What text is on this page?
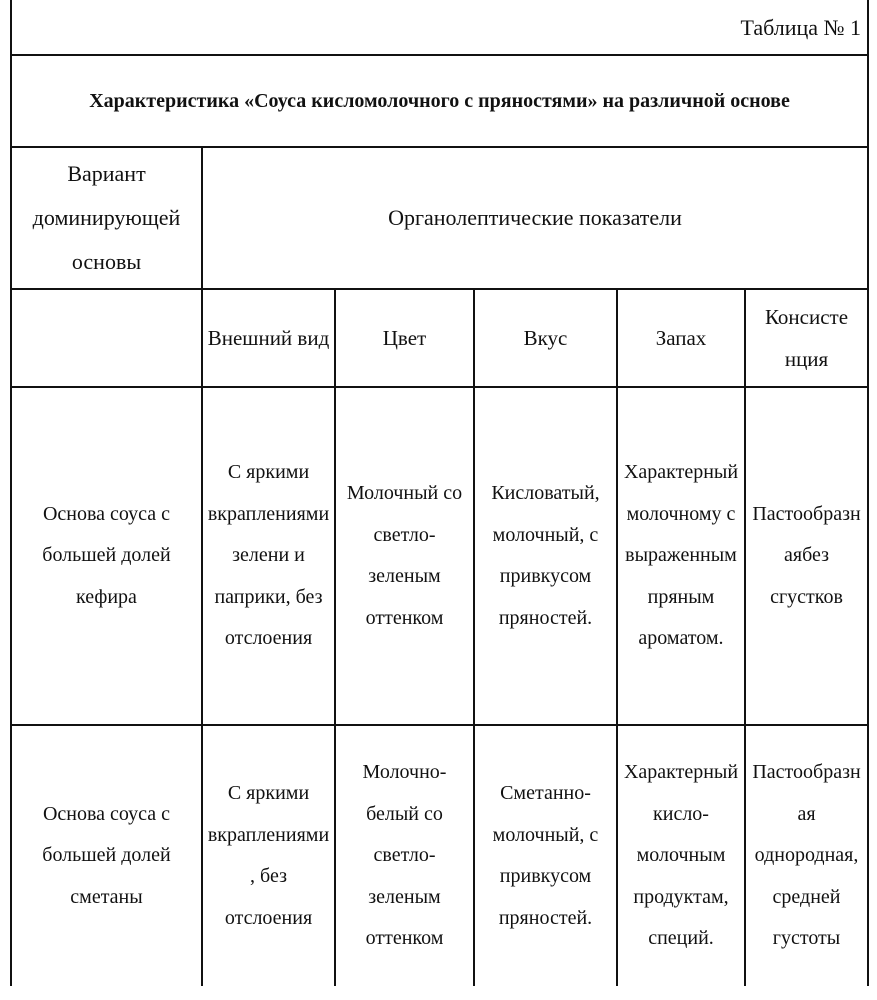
Таблица № 1					
Характеристика «Соуса кисломолочного с пряностями» на различной основе					
Вариант доминирующей основы	Органолептические показатели				
	Внешний вид	Цвет	Вкус	Запах	Консисте нция
Основа соуса с большей долей кефира	С яркими вкраплениями зелени и паприки, без отслоения	Молочный со светло-зеленым оттенком	Кисловатый, молочный, с привкусом пряностей.	Характерный молочному с выраженным пряным ароматом.	Пастообразнаябез сгустков
Основа соуса с большей долей сметаны	С яркими вкраплениями, без отслоения	Молочно-белый со светло-зеленым оттенком	Сметанно-молочный, с привкусом пряностей.	Характерный кисло-молочным продуктам, специй.	Пастообразная однородная, средней густоты
